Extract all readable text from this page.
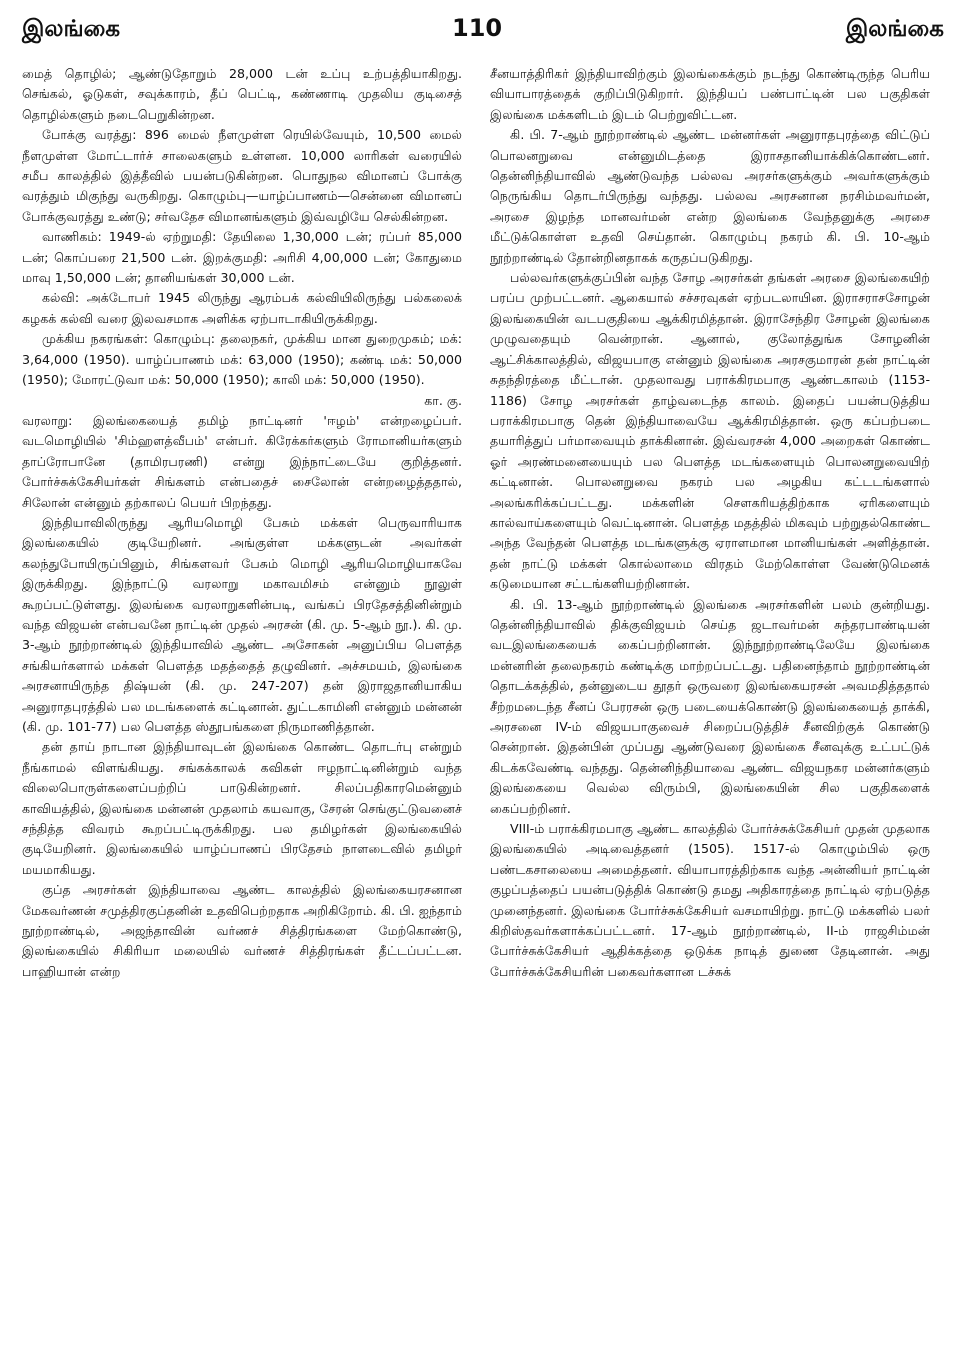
இலங்கை	110	இலங்கை

மைத் தொழில்; ஆண்டுதோறும் 28,000 டன் உப்பு உற்பத்தியாகிறது. செங்கல், ஓடுகள், சவுக்காரம், தீப் பெட்டி, கண்ணாடி முதலிய குடிசைத் தொழில்களும் நடைபெறுகின்றன.

போக்கு வரத்து: 896 மைல் நீளமுள்ள ரெயில்வேயும், 10,500 மைல் நீளமுள்ள மோட்டார்ச் சாலைகளும் உள்ளன. 10,000 லாரிகள் வரையில் சமீப காலத்தில் இத்தீவில் பயன்படுகின்றன. பொதுநல விமானப் போக்கு வரத்தும் மிகுந்து வருகிறது. கொழும்பு—யாழ்ப்பாணம்—சென்னை விமானப் போக்குவரத்து உண்டு; சர்வதேச விமானங்களும் இவ்வழியே செல்கின்றன.

வாணிகம்: 1949-ல் ஏற்றுமதி: தேயிலை 1,30,000 டன்; ரப்பர் 85,000 டன்; கொப்பரை 21,500 டன். இறக்குமதி: அரிசி 4,00,000 டன்; கோதுமை மாவு 1,50,000 டன்; தானியங்கள் 30,000 டன்.

கல்வி: அக்டோபர் 1945 லிருந்து ஆரம்பக் கல்வியிலிருந்து பல்கலைக் கழகக் கல்வி வரை இலவசமாக அளிக்க ஏற்பாடாகியிருக்கிறது.

முக்கிய நகரங்கள்: கொழும்பு: தலைநகர், முக்கிய மான துறைமுகம்; மக்: 3,64,000 (1950). யாழ்ப்பாணம் மக்: 63,000 (1950); கண்டி மக்: 50,000 (1950); மோரட்டுவா மக்: 50,000 (1950); காலி மக்: 50,000 (1950).

கா. கு.

வரலாறு: இலங்கையைத் தமிழ் நாட்டினர் 'ஈழம்' என்றழைப்பர். வடமொழியில் 'சிம்ஹளத்வீபம்' என்பர். கிரேக்கர்களும் ரோமானியர்களும் தாப்ரோபானே (தாமிரபரணி) என்று இந்நாட்டையே குறித்தனர். போர்ச்சுக்கேசியர்கள் சிங்களம் என்பதைச் சைலோன் என்றழைத்ததால், சிலோன் என்னும் தற்காலப் பெயர் பிறந்தது.

இந்தியாவிலிருந்து ஆரியமொழி பேசும் மக்கள் பெருவாரியாக இலங்கையில் குடியேறினர். அங்குள்ள மக்களுடன் அவர்கள் கலந்துபோயிருப்பினும், சிங்களவர் பேசும் மொழி ஆரியமொழியாகவே இருக்கிறது. இந்நாட்டு வரலாறு மகாவமிசம் என்னும் நூலுள் கூறப்பட்டுள்ளது. இலங்கை வரலாறுகளின்படி, வங்கப் பிரதேசத்தினின்றும் வந்த விஜயன் என்பவனே நாட்டின் முதல் அரசன் (கி. மு. 5-ஆம் நூ.). கி. மு. 3-ஆம் நூற்றாண்டில் இந்தியாவில் ஆண்ட அசோகன் அனுப்பிய பௌத்த சங்கியர்களால் மக்கள் பௌத்த மதத்தைத் தழுவினர். அச்சமயம், இலங்கை அரசனாயிருந்த திஷ்யன் (கி. மு. 247-207) தன் இராஜதானியாகிய அனுராதபுரத்தில் பல மடங்களைக் கட்டினான். துட்டகாமினி என்னும் மன்னன் (கி. மு. 101-77) பல பௌத்த ஸ்தூபங்களை நிருமாணித்தான்.

தன் தாய் நாடான இந்தியாவுடன் இலங்கை கொண்ட தொடர்பு என்றும் நீங்காமல் விளங்கியது. சங்கக்காலக் கவிகள் ஈழநாட்டினின்றும் வந்த விலைபொருள்களைப்பற்றிப் பாடுகின்றனர். சிலப்பதிகாரமென்னும் காவியத்தில், இலங்கை மன்னன் முதலாம் கயவாகு, சேரன் செங்குட்டுவனைச் சந்தித்த விவரம் கூறப்பட்டிருக்கிறது. பல தமிழர்கள் இலங்கையில் குடியேறினர். இலங்கையில் யாழ்ப்பாணப் பிரதேசம் நாளடைவில் தமிழர் மயமாகியது.

குப்த அரசர்கள் இந்தியாவை ஆண்ட காலத்தில் இலங்கையரசனான மேகவர்ணன் சமுத்திரகுப்தனின் உதவிபெற்றதாக அறிகிறோம். கி. பி. ஐந்தாம் நூற்றாண்டில், அஜந்தாவின் வர்ணச் சித்திரங்களை மேற்கொண்டு, இலங்கையில் சிகிரியா மலையில் வர்ணச் சித்திரங்கள் தீட்டப்பட்டன. பாஹியான் என்ற

சீனயாத்திரிகர் இந்தியாவிற்கும் இலங்கைக்கும் நடந்து கொண்டிருந்த பெரிய வியாபாரத்தைக் குறிப்பிடுகிறார். இந்தியப் பண்பாட்டின் பல பகுதிகள் இலங்கை மக்களிடம் இடம் பெற்றுவிட்டன.

கி. பி. 7-ஆம் நூற்றாண்டில் ஆண்ட மன்னர்கள் அனுராதபுரத்தை விட்டுப் பொலனறுவை என்னுமிடத்தை இராசதானியாக்கிக்கொண்டனர். தென்னிந்தியாவில் ஆண்டுவந்த பல்லவ அரசர்களுக்கும் அவர்களுக்கும் நெருங்கிய தொடர்பிருந்து வந்தது. பல்லவ அரசனான நரசிம்மவர்மன், அரசை இழந்த மானவர்மன் என்ற இலங்கை வேந்தனுக்கு அரசை மீட்டுக்கொள்ள உதவி செய்தான். கொழும்பு நகரம் கி. பி. 10-ஆம் நூற்றாண்டில் தோன்றினதாகக் கருதப்படுகிறது.

பல்லவர்களுக்குப்பின் வந்த சோழ அரசர்கள் தங்கள் அரசை இலங்கையிற் பரப்ப முற்பட்டனர். ஆகையால் சச்சரவுகள் ஏற்படலாயின. இராசராசசோழன் இலங்கையின் வடபகுதியை ஆக்கிரமித்தான். இராசேந்திர சோழன் இலங்கை முழுவதையும் வென்றான். ஆனால், குலோத்துங்க சோழனின் ஆட்சிக்காலத்தில், விஜயபாகு என்னும் இலங்கை அரசகுமாரன் தன் நாட்டின் சுதந்திரத்தை மீட்டான். முதலாவது பராக்கிரமபாகு ஆண்டகாலம் (1153-1186) சோழ அரசர்கள் தாழ்வடைந்த காலம். இதைப் பயன்படுத்திய பராக்கிரமபாகு தென் இந்தியாவையே ஆக்கிரமித்தான். ஒரு கப்பற்படை தயாரித்துப் பர்மாவையும் தாக்கினான். இவ்வரசன் 4,000 அறைகள் கொண்ட ஓர் அரண்மனையையும் பல பௌத்த மடங்களையும் பொலனறுவையிற் கட்டினான். பொலனறுவை நகரம் பல அழகிய கட்டடங்களால் அலங்கரிக்கப்பட்டது. மக்களின் சௌகரியத்திற்காக ஏரிகளையும் கால்வாய்களையும் வெட்டினான். பௌத்த மதத்தில் மிகவும் பற்றுதல்கொண்ட அந்த வேந்தன் பௌத்த மடங்களுக்கு ஏராளமான மானியங்கள் அளித்தான். தன் நாட்டு மக்கள் கொல்லாமை விரதம் மேற்கொள்ள வேண்டுமெனக் கடுமையான சட்டங்களியற்றினான்.

கி. பி. 13-ஆம் நூற்றாண்டில் இலங்கை அரசர்களின் பலம் குன்றியது. தென்னிந்தியாவில் திக்குவிஜயம் செய்த ஜடாவர்மன் சுந்தரபாண்டியன் வடஇலங்கையைக் கைப்பற்றினான். இந்நூற்றாண்டிலேயே இலங்கை மன்னரின் தலைநகரம் கண்டிக்கு மாற்றப்பட்டது. பதினைந்தாம் நூற்றாண்டின் தொடக்கத்தில், தன்னுடைய தூதர் ஒருவரை இலங்கையரசன் அவமதித்ததால் சீற்றமடைந்த சீனப் பேரரசன் ஒரு படையைக்கொண்டு இலங்கையைத் தாக்கி, அரசனை IV-ம் விஜயபாகுவைச் சிறைப்படுத்திச் சீனவிற்குக் கொண்டு சென்றான். இதன்பின் முப்பது ஆண்டுவரை இலங்கை சீனவுக்கு உட்பட்டுக் கிடக்கவேண்டி வந்தது. தென்னிந்தியாவை ஆண்ட விஜயநகர மன்னர்களும் இலங்கையை வெல்ல விரும்பி, இலங்கையின் சில பகுதிகளைக் கைப்பற்றினர்.

VIII-ம் பராக்கிரமபாகு ஆண்ட காலத்தில் போர்ச்சுக்கேசியர் முதன் முதலாக இலங்கையில் அடிவைத்தனர் (1505). 1517-ல் கொழும்பில் ஒரு பண்டகசாலையை அமைத்தனர். வியாபாரத்திற்காக வந்த அன்னியர் நாட்டின் குழப்பத்தைப் பயன்படுத்திக் கொண்டு தமது அதிகாரத்தை நாட்டில் ஏற்படுத்த முனைந்தனர். இலங்கை போர்ச்சுக்கேசியர் வசமாயிற்று. நாட்டு மக்களில் பலர் கிறிஸ்தவர்களாக்கப்பட்டனர். 17-ஆம் நூற்றாண்டில், II-ம் ராஜசிம்மன் போர்ச்சுக்கேசியர் ஆதிக்கத்தை ஒடுக்க நாடித் துணை தேடினான். அது போர்ச்சுக்கேசியரின் பகைவர்களான டச்சுக்
